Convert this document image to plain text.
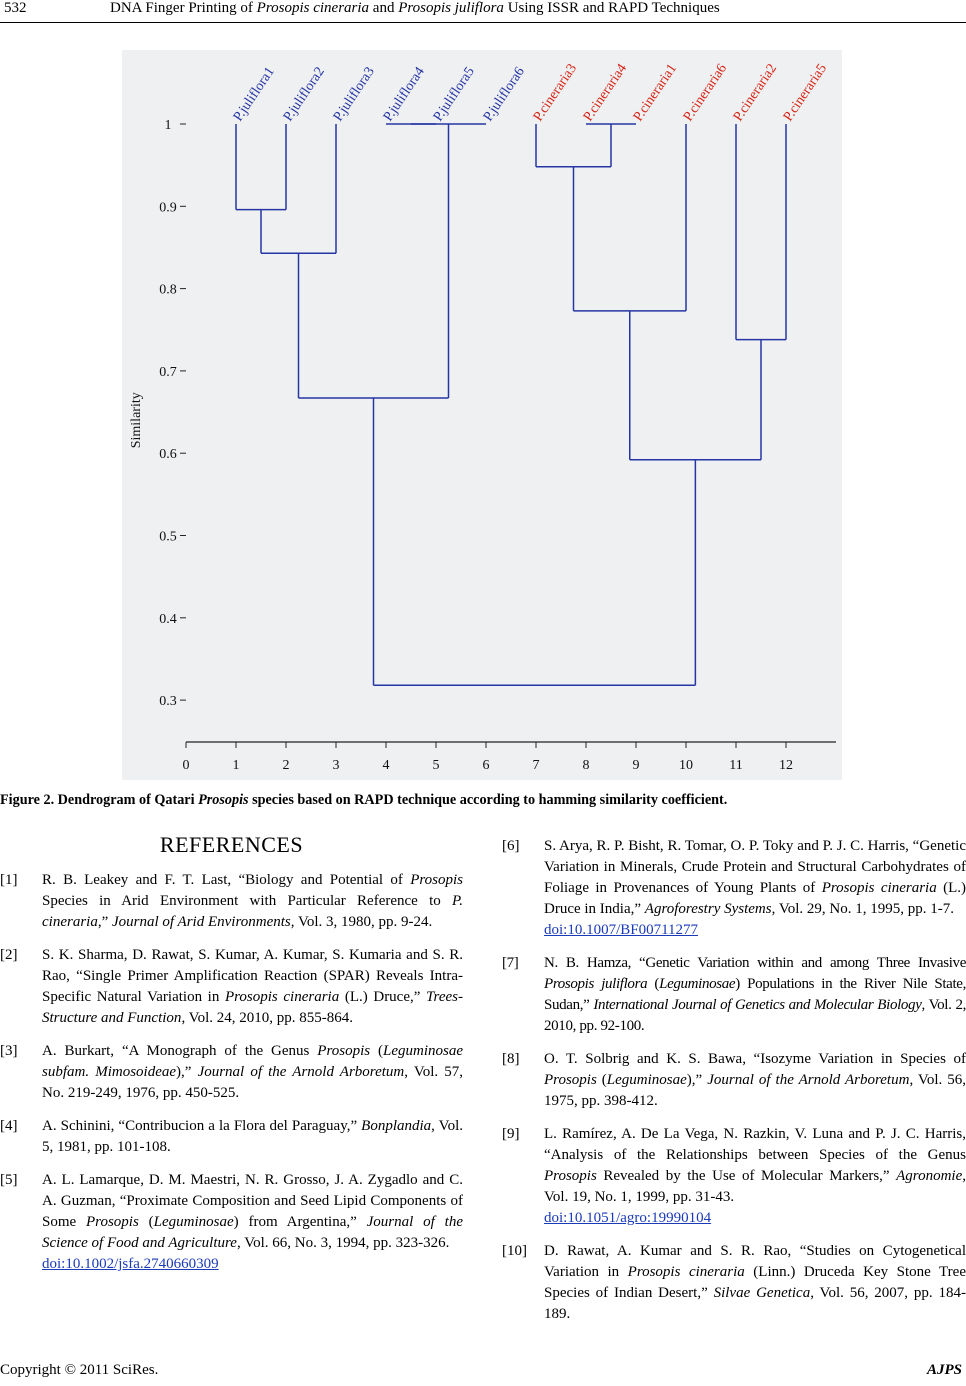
532	DNA Finger Printing of Prosopis cineraria and Prosopis juliflora Using ISSR and RAPD Techniques
0	1	2	3	4	5	6	7	8	9	10	11	12
1
0.9
0.8
0.7
0.6
0.5
0.4
0.3
Similarity
P.juliflora1 P.juliflora2 P.juliflora3 P.juliflora4 P.juliflora5 P.juliflora6 P.cineraria3 P.cineraria4 P.cineraria1 P.cineraria6 P.cineraria2 P.cineraria5
Figure 2. Dendrogram of Qatari Prosopis species based on RAPD technique according to hamming similarity coefficient.
REFERENCES
[1] R. B. Leakey and F. T. Last, “Biology and Potential of Prosopis Species in Arid Environment with Particular Reference to P. cineraria,” Journal of Arid Environments, Vol. 3, 1980, pp. 9-24.
[2] S. K. Sharma, D. Rawat, S. Kumar, A. Kumar, S. Kumaria and S. R. Rao, “Single Primer Amplification Reaction (SPAR) Reveals Intra-Specific Natural Variation in Prosopis cineraria (L.) Druce,” Trees-Structure and Function, Vol. 24, 2010, pp. 855-864.
[3] A. Burkart, “A Monograph of the Genus Prosopis (Leguminosae subfam. Mimosoideae),” Journal of the Arnold Arboretum, Vol. 57, No. 219-249, 1976, pp. 450-525.
[4] A. Schinini, “Contribucion a la Flora del Paraguay,” Bonplandia, Vol. 5, 1981, pp. 101-108.
[5] A. L. Lamarque, D. M. Maestri, N. R. Grosso, J. A. Zygadlo and C. A. Guzman, “Proximate Composition and Seed Lipid Components of Some Prosopis (Leguminosae) from Argentina,” Journal of the Science of Food and Agriculture, Vol. 66, No. 3, 1994, pp. 323-326.
doi:10.1002/jsfa.2740660309
[6] S. Arya, R. P. Bisht, R. Tomar, O. P. Toky and P. J. C. Harris, “Genetic Variation in Minerals, Crude Protein and Structural Carbohydrates of Foliage in Provenances of Young Plants of Prosopis cineraria (L.) Druce in India,” Agroforestry Systems, Vol. 29, No. 1, 1995, pp. 1-7.
doi:10.1007/BF00711277
[7] N. B. Hamza, “Genetic Variation within and among Three Invasive Prosopis juliflora (Leguminosae) Populations in the River Nile State, Sudan,” International Journal of Genetics and Molecular Biology, Vol. 2, 2010, pp. 92-100.
[8] O. T. Solbrig and K. S. Bawa, “Isozyme Variation in Species of Prosopis (Leguminosae),” Journal of the Arnold Arboretum, Vol. 56, 1975, pp. 398-412.
[9] L. Ramírez, A. De La Vega, N. Razkin, V. Luna and P. J. C. Harris, “Analysis of the Relationships between Species of the Genus Prosopis Revealed by the Use of Molecular Markers,” Agronomie, Vol. 19, No. 1, 1999, pp. 31-43.
doi:10.1051/agro:19990104
[10] D. Rawat, A. Kumar and S. R. Rao, “Studies on Cytogenetical Variation in Prosopis cineraria (Linn.) Druceda Key Stone Tree Species of Indian Desert,” Silvae Genetica, Vol. 56, 2007, pp. 184-189.
Copyright © 2011 SciRes.	AJPS
